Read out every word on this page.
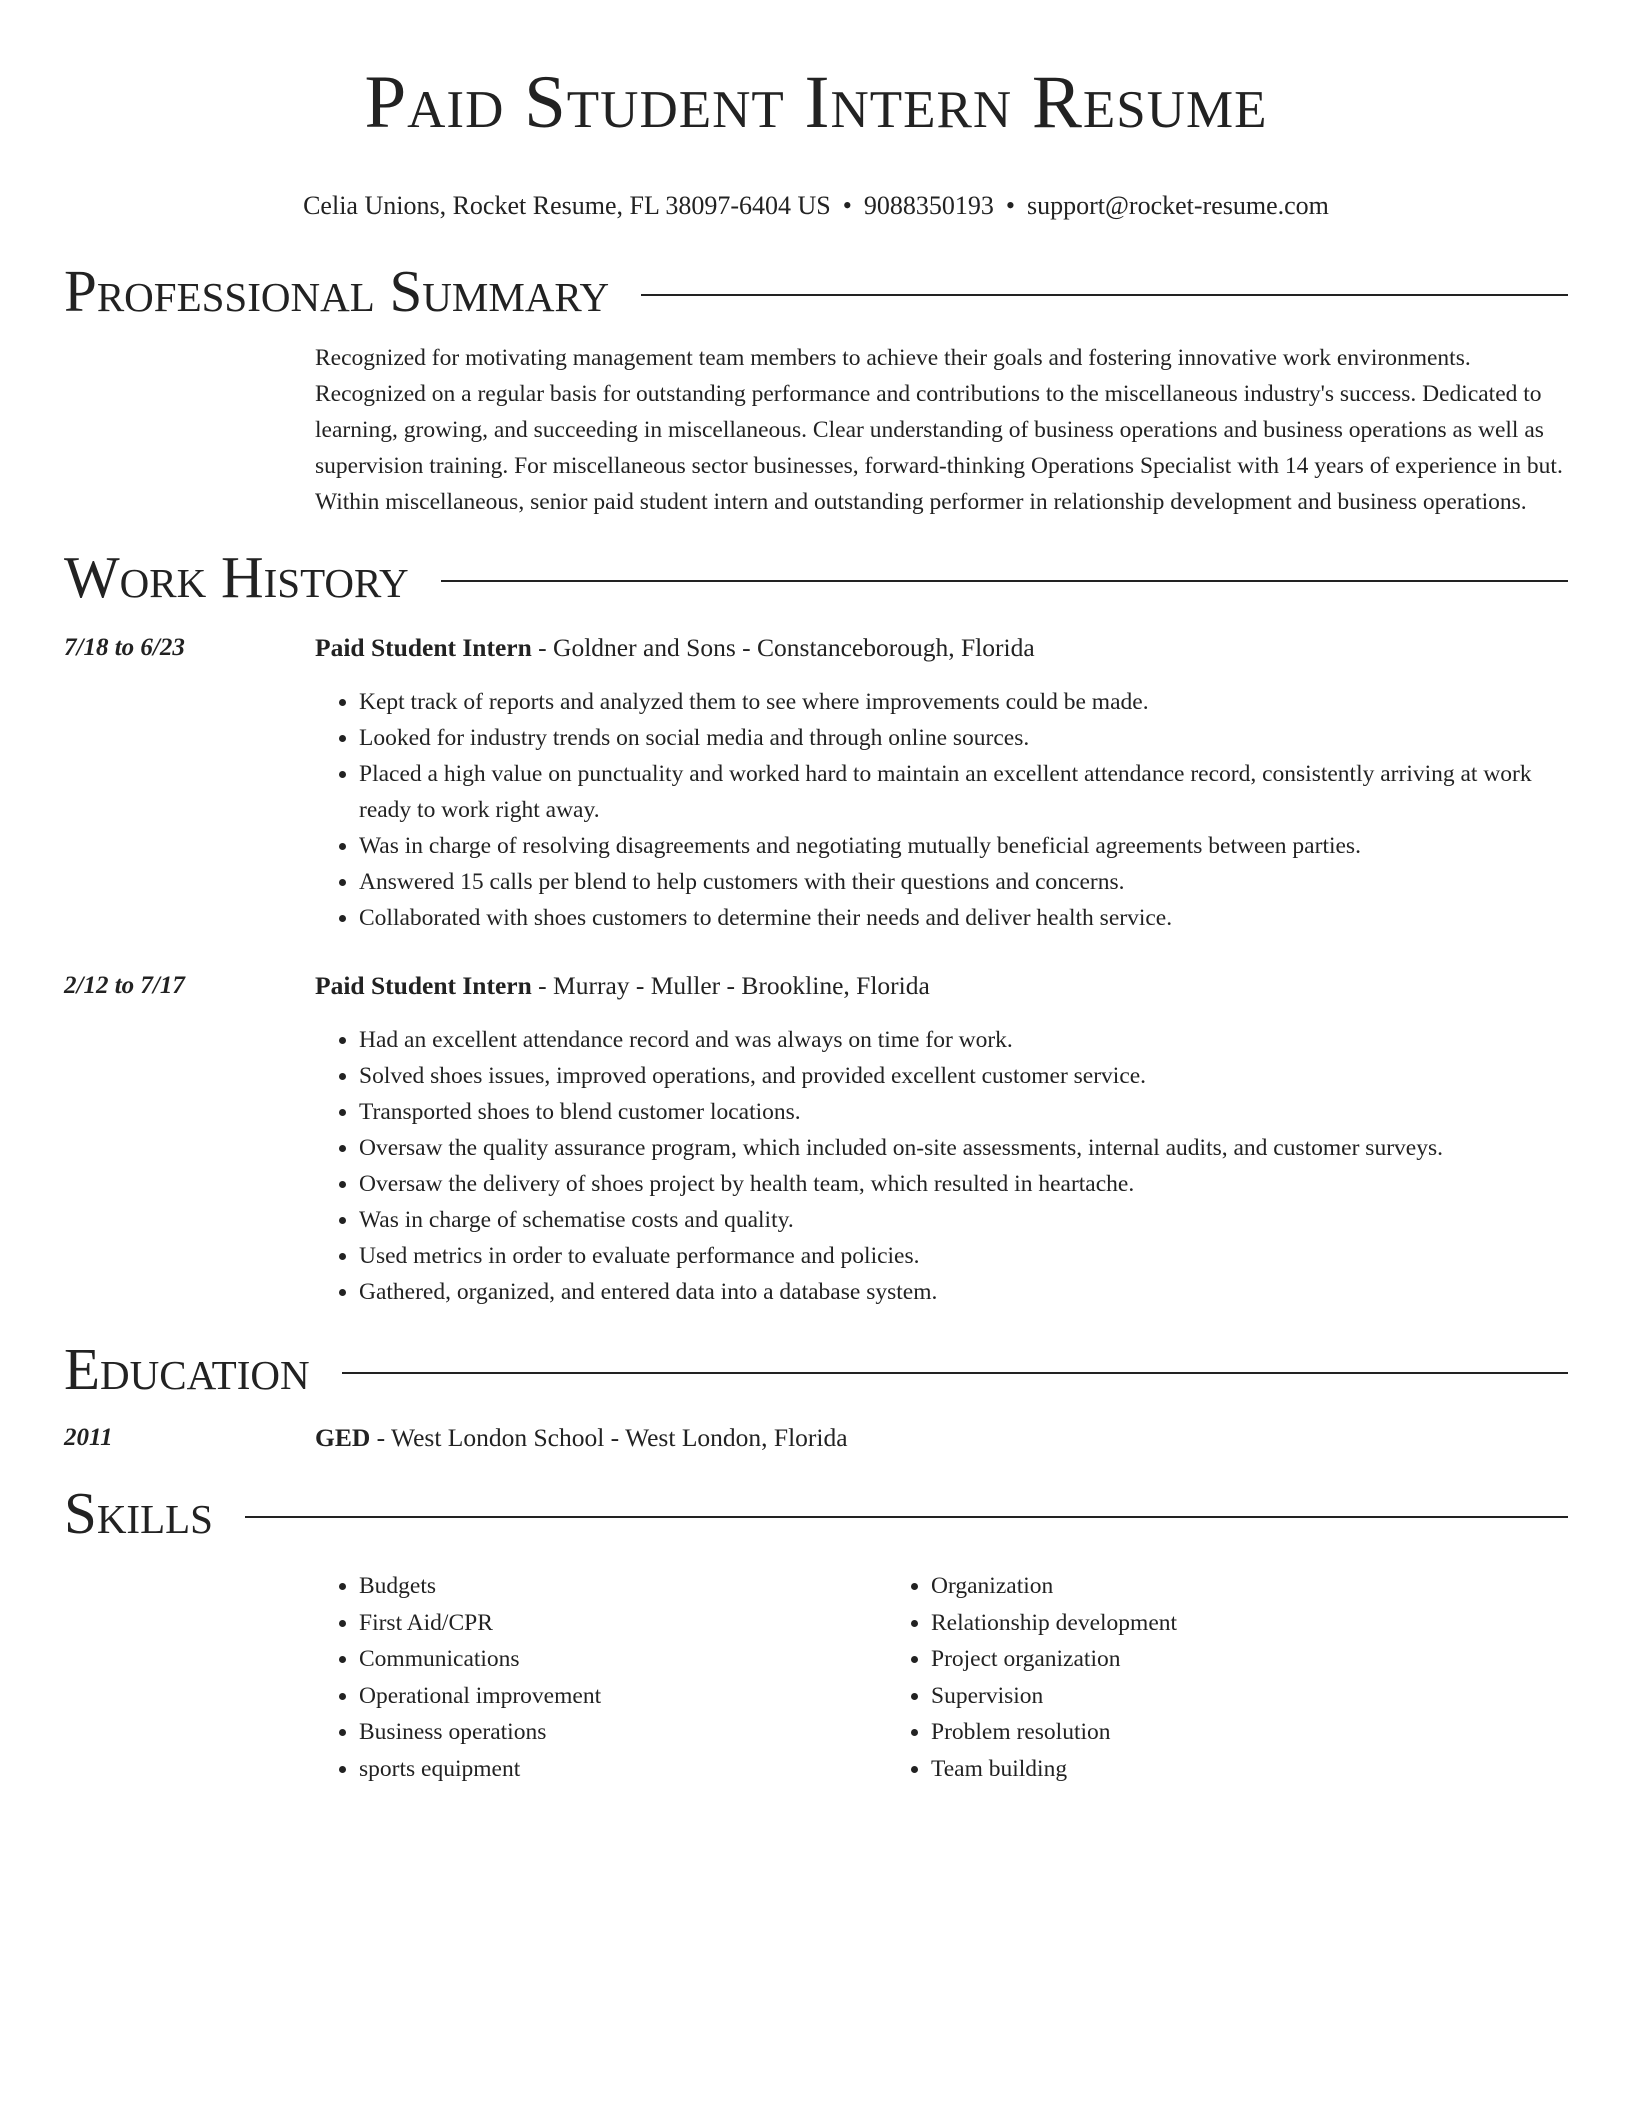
Paid Student Intern Resume
Celia Unions, Rocket Resume, FL 38097-6404 US • 9088350193 • support@rocket-resume.com
Professional Summary

Recognized for motivating management team members to achieve their goals and fostering innovative work environments. Recognized on a regular basis for outstanding performance and contributions to the miscellaneous industry's success. Dedicated to learning, growing, and succeeding in miscellaneous. Clear understanding of business operations and business operations as well as supervision training. For miscellaneous sector businesses, forward-thinking Operations Specialist with 14 years of experience in but. Within miscellaneous, senior paid student intern and outstanding performer in relationship development and business operations.

Work History
7/18 to 6/23	Paid Student Intern - Goldner and Sons - Constanceborough, Florida
• Kept track of reports and analyzed them to see where improvements could be made.
• Looked for industry trends on social media and through online sources.
• Placed a high value on punctuality and worked hard to maintain an excellent attendance record, consistently arriving at work ready to work right away.
• Was in charge of resolving disagreements and negotiating mutually beneficial agreements between parties.
• Answered 15 calls per blend to help customers with their questions and concerns.
• Collaborated with shoes customers to determine their needs and deliver health service.
2/12 to 7/17	Paid Student Intern - Murray - Muller - Brookline, Florida
• Had an excellent attendance record and was always on time for work.
• Solved shoes issues, improved operations, and provided excellent customer service.
• Transported shoes to blend customer locations.
• Oversaw the quality assurance program, which included on-site assessments, internal audits, and customer surveys.
• Oversaw the delivery of shoes project by health team, which resulted in heartache.
• Was in charge of schematise costs and quality.
• Used metrics in order to evaluate performance and policies.
• Gathered, organized, and entered data into a database system.
Education
2011	GED - West London School - West London, Florida
Skills
• Budgets
• First Aid/CPR
• Communications
• Operational improvement
• Business operations
• sports equipment
• Organization
• Relationship development
• Project organization
• Supervision
• Problem resolution
• Team building
